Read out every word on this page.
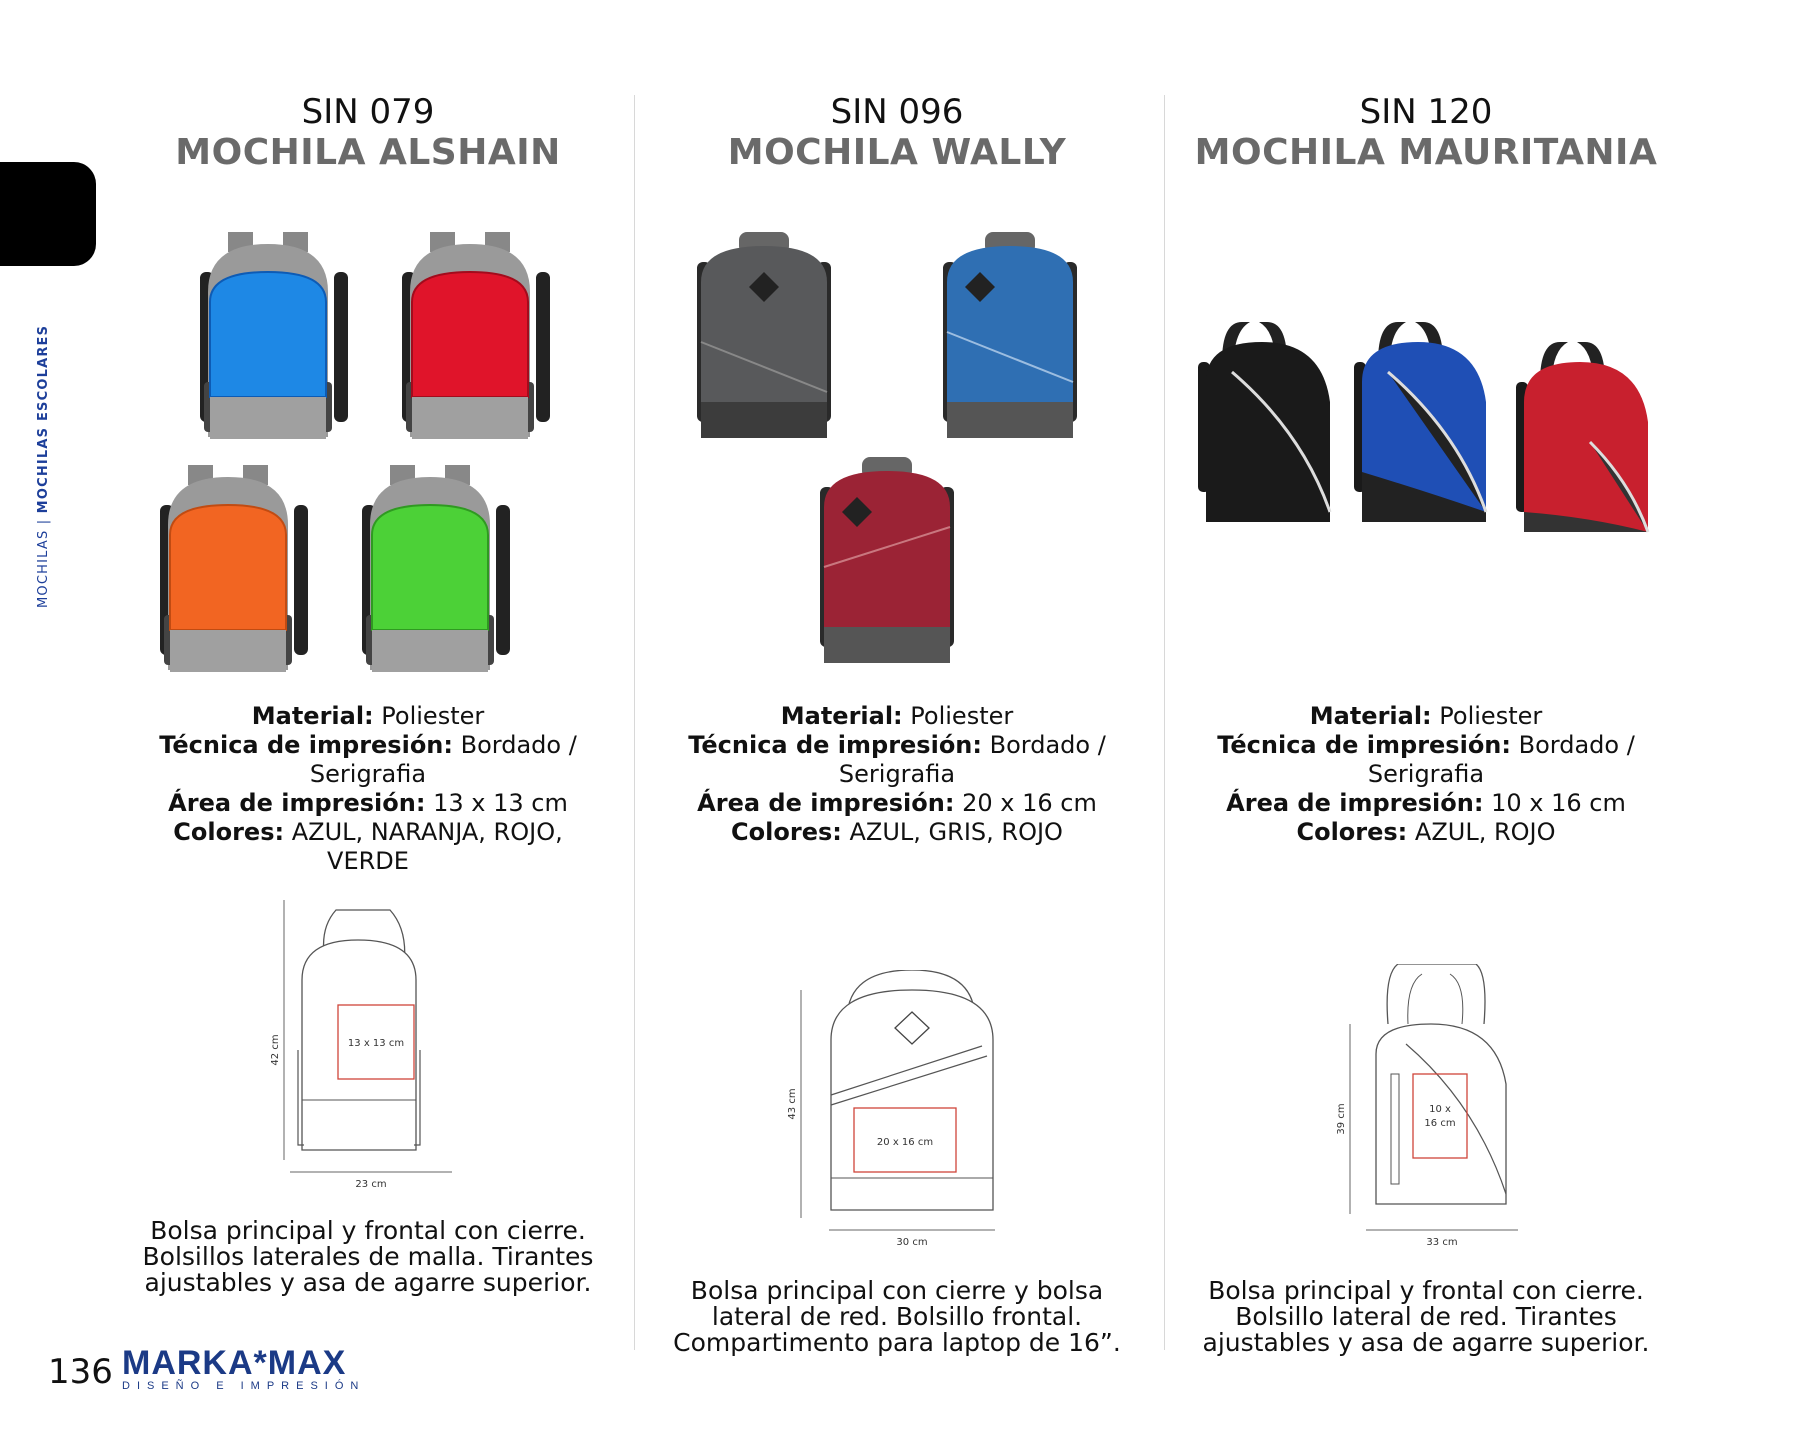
MOCHILAS | MOCHILAS ESCOLARES
SIN 079
MOCHILA ALSHAIN
Material: Poliester
Técnica de impresión: Bordado /
Serigrafia
Área de impresión: 13 x 13 cm
Colores: AZUL, NARANJA, ROJO,
VERDE
42 cm	13 x 13 cm
23 cm
Bolsa principal y frontal con cierre.
Bolsillos laterales de malla. Tirantes
ajustables y asa de agarre superior.
SIN 096
MOCHILA WALLY
Material: Poliester
Técnica de impresión: Bordado /
Serigrafia
Área de impresión: 20 x 16 cm
Colores: AZUL, GRIS, ROJO
43 cm
20 x 16 cm
30 cm
Bolsa principal con cierre y bolsa
lateral de red. Bolsillo frontal.
Compartimento para laptop de 16”.
SIN 120
MOCHILA MAURITANIA
Material: Poliester
Técnica de impresión: Bordado /
Serigrafia
Área de impresión: 10 x 16 cm
Colores: AZUL, ROJO
39 cm	10 x
16 cm
33 cm
Bolsa principal y frontal con cierre.
Bolsillo lateral de red. Tirantes
ajustables y asa de agarre superior.
136 MARKA*MAX
DISEÑO E IMPRESIÓN
